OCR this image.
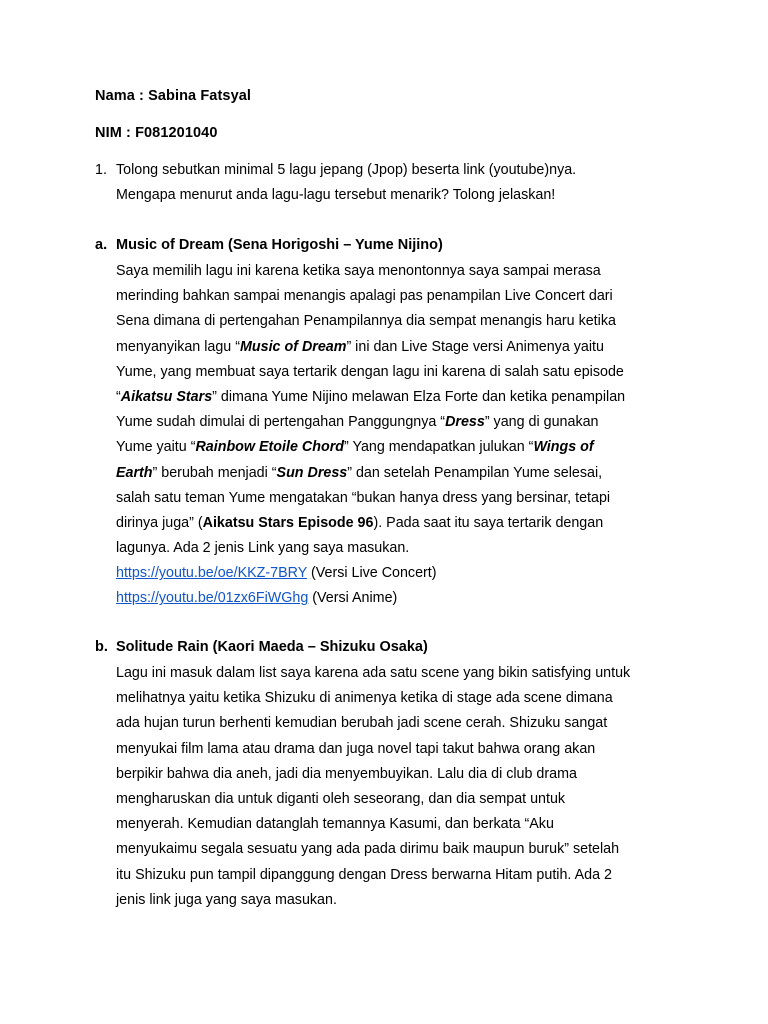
Nama : Sabina Fatsyal
NIM : F081201040
1. Tolong sebutkan minimal 5 lagu jepang (Jpop) beserta link (youtube)nya.
Mengapa menurut anda lagu-lagu tersebut menarik? Tolong jelaskan!
a. Music of Dream (Sena Horigoshi – Yume Nijino)
Saya memilih lagu ini karena ketika saya menontonnya saya sampai merasa
merinding bahkan sampai menangis apalagi pas penampilan Live Concert dari
Sena dimana di pertengahan Penampilannya dia sempat menangis haru ketika
menyanyikan lagu “Music of Dream” ini dan Live Stage versi Animenya yaitu
Yume, yang membuat saya tertarik dengan lagu ini karena di salah satu episode
“Aikatsu Stars” dimana Yume Nijino melawan Elza Forte dan ketika penampilan
Yume sudah dimulai di pertengahan Panggungnya “Dress” yang di gunakan
Yume yaitu “Rainbow Etoile Chord” Yang mendapatkan julukan “Wings of
Earth” berubah menjadi “Sun Dress” dan setelah Penampilan Yume selesai,
salah satu teman Yume mengatakan “bukan hanya dress yang bersinar, tetapi
dirinya juga” (Aikatsu Stars Episode 96). Pada saat itu saya tertarik dengan
lagunya. Ada 2 jenis Link yang saya masukan.
https://youtu.be/oe/KKZ-7BRY (Versi Live Concert)
https://youtu.be/01zx6FiWGhg (Versi Anime)
b. Solitude Rain (Kaori Maeda – Shizuku Osaka)
Lagu ini masuk dalam list saya karena ada satu scene yang bikin satisfying untuk
melihatnya yaitu ketika Shizuku di animenya ketika di stage ada scene dimana
ada hujan turun berhenti kemudian berubah jadi scene cerah. Shizuku sangat
menyukai film lama atau drama dan juga novel tapi takut bahwa orang akan
berpikir bahwa dia aneh, jadi dia menyembuyikan. Lalu dia di club drama
mengharuskan dia untuk diganti oleh seseorang, dan dia sempat untuk
menyerah. Kemudian datanglah temannya Kasumi, dan berkata “Aku
menyukaimu segala sesuatu yang ada pada dirimu baik maupun buruk” setelah
itu Shizuku pun tampil dipanggung dengan Dress berwarna Hitam putih. Ada 2
jenis link juga yang saya masukan.
